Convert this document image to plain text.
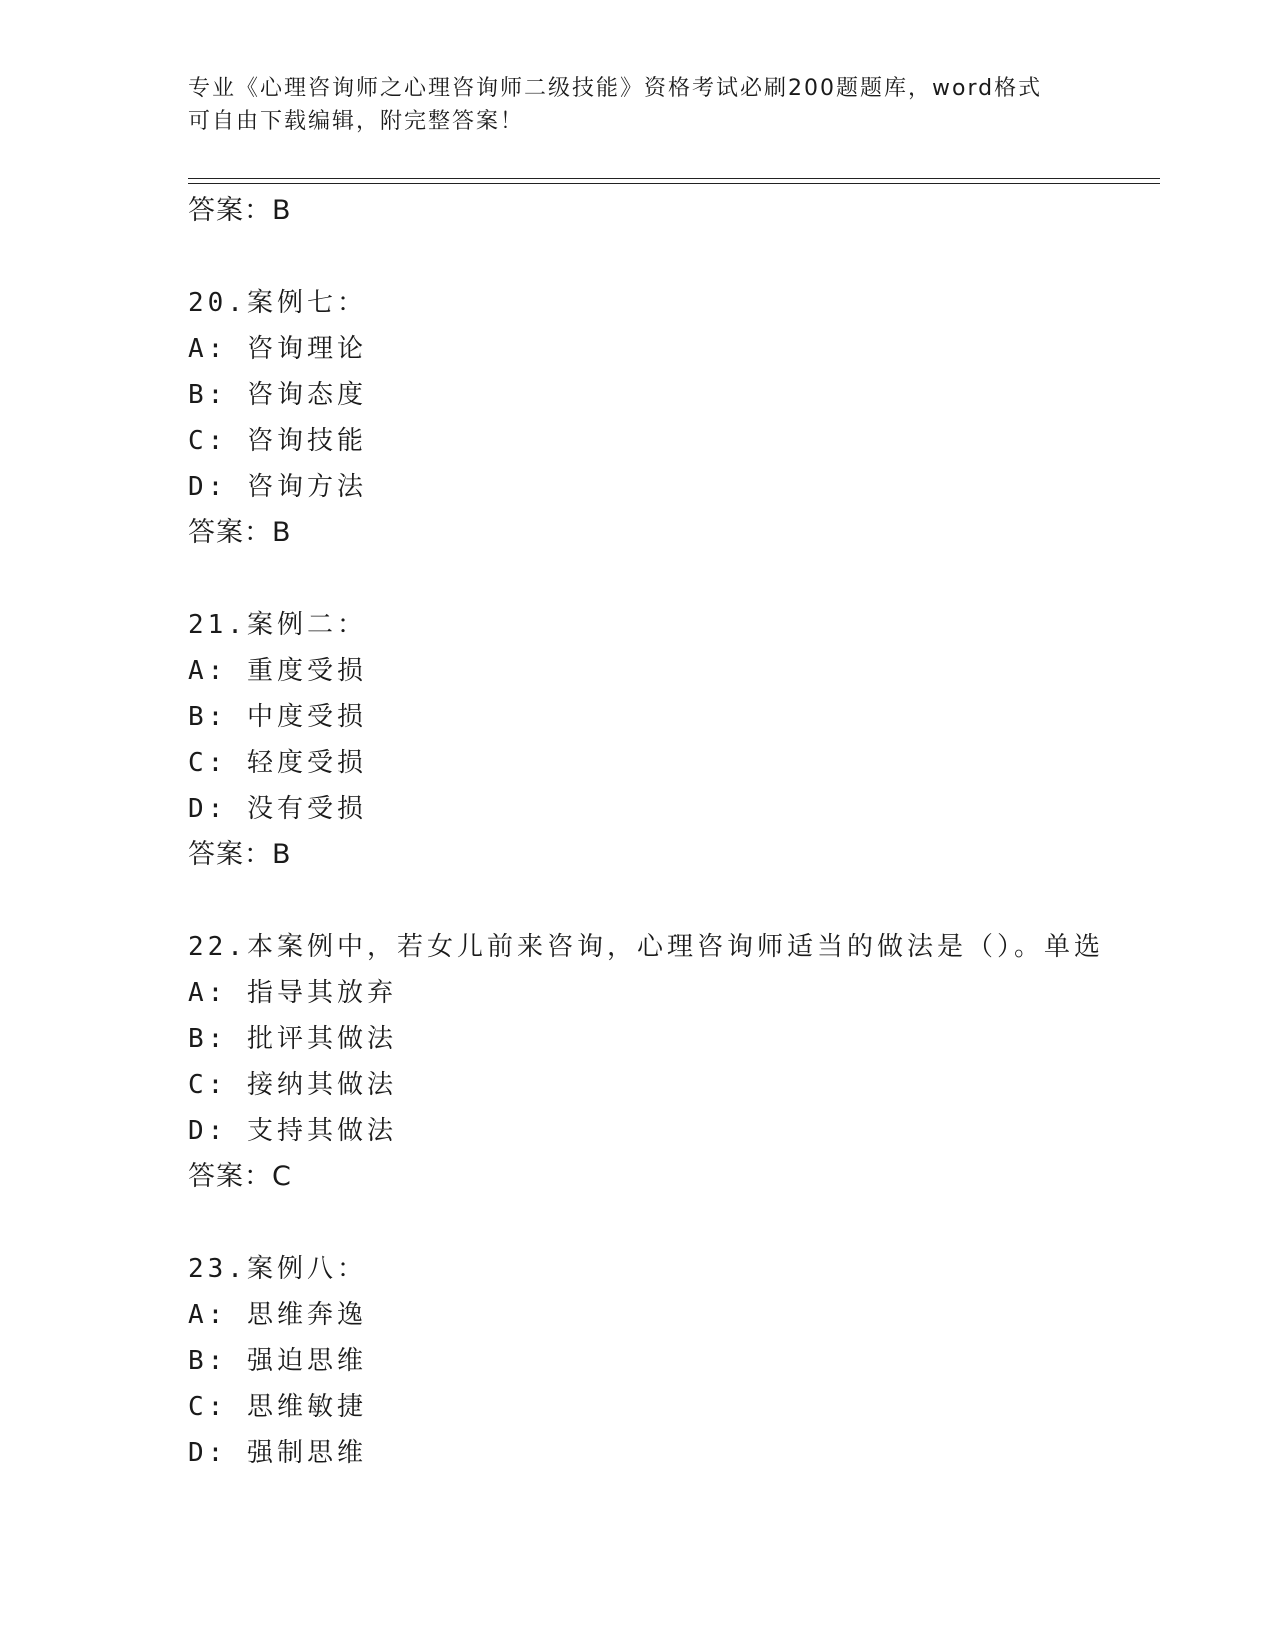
专业《心理咨询师之心理咨询师二级技能》资格考试必刷200题题库，word格式
可自由下载编辑，附完整答案！
答案：B
20.案例七：
A: 咨询理论
B: 咨询态度
C: 咨询技能
D: 咨询方法
答案：B
21.案例二：
A: 重度受损
B: 中度受损
C: 轻度受损
D: 没有受损
答案：B
22.本案例中，若女儿前来咨询，心理咨询师适当的做法是（）。单选
A: 指导其放弃
B: 批评其做法
C: 接纳其做法
D: 支持其做法
答案：C
23.案例八：
A: 思维奔逸
B: 强迫思维
C: 思维敏捷
D: 强制思维
